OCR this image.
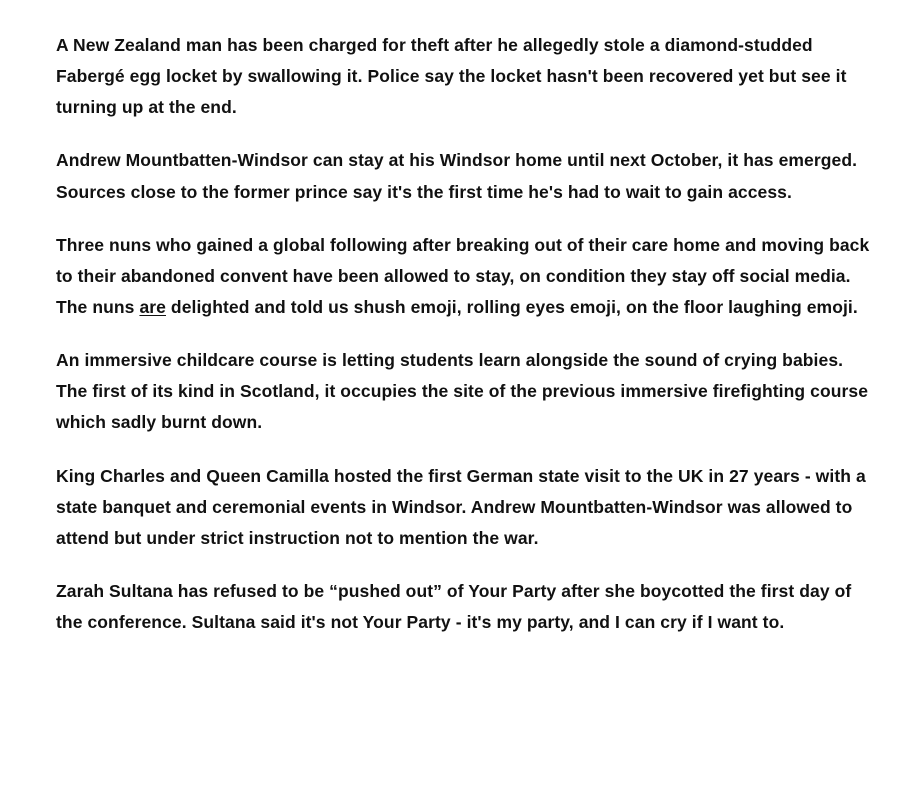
A New Zealand man has been charged for theft after he allegedly stole a diamond-studded Fabergé egg locket by swallowing it. Police say the locket hasn't been recovered yet but see it turning up at the end.

Andrew Mountbatten-Windsor can stay at his Windsor home until next October, it has emerged. Sources close to the former prince say it's the first time he's had to wait to gain access.

Three nuns who gained a global following after breaking out of their care home and moving back to their abandoned convent have been allowed to stay, on condition they stay off social media. The nuns are delighted and told us shush emoji, rolling eyes emoji, on the floor laughing emoji.

An immersive childcare course is letting students learn alongside the sound of crying babies. The first of its kind in Scotland, it occupies the site of the previous immersive firefighting course which sadly burnt down.

King Charles and Queen Camilla hosted the first German state visit to the UK in 27 years - with a state banquet and ceremonial events in Windsor. Andrew Mountbatten-Windsor was allowed to attend but under strict instruction not to mention the war.

Zarah Sultana has refused to be “pushed out” of Your Party after she boycotted the first day of the conference. Sultana said it's not Your Party - it's my party, and I can cry if I want to.
